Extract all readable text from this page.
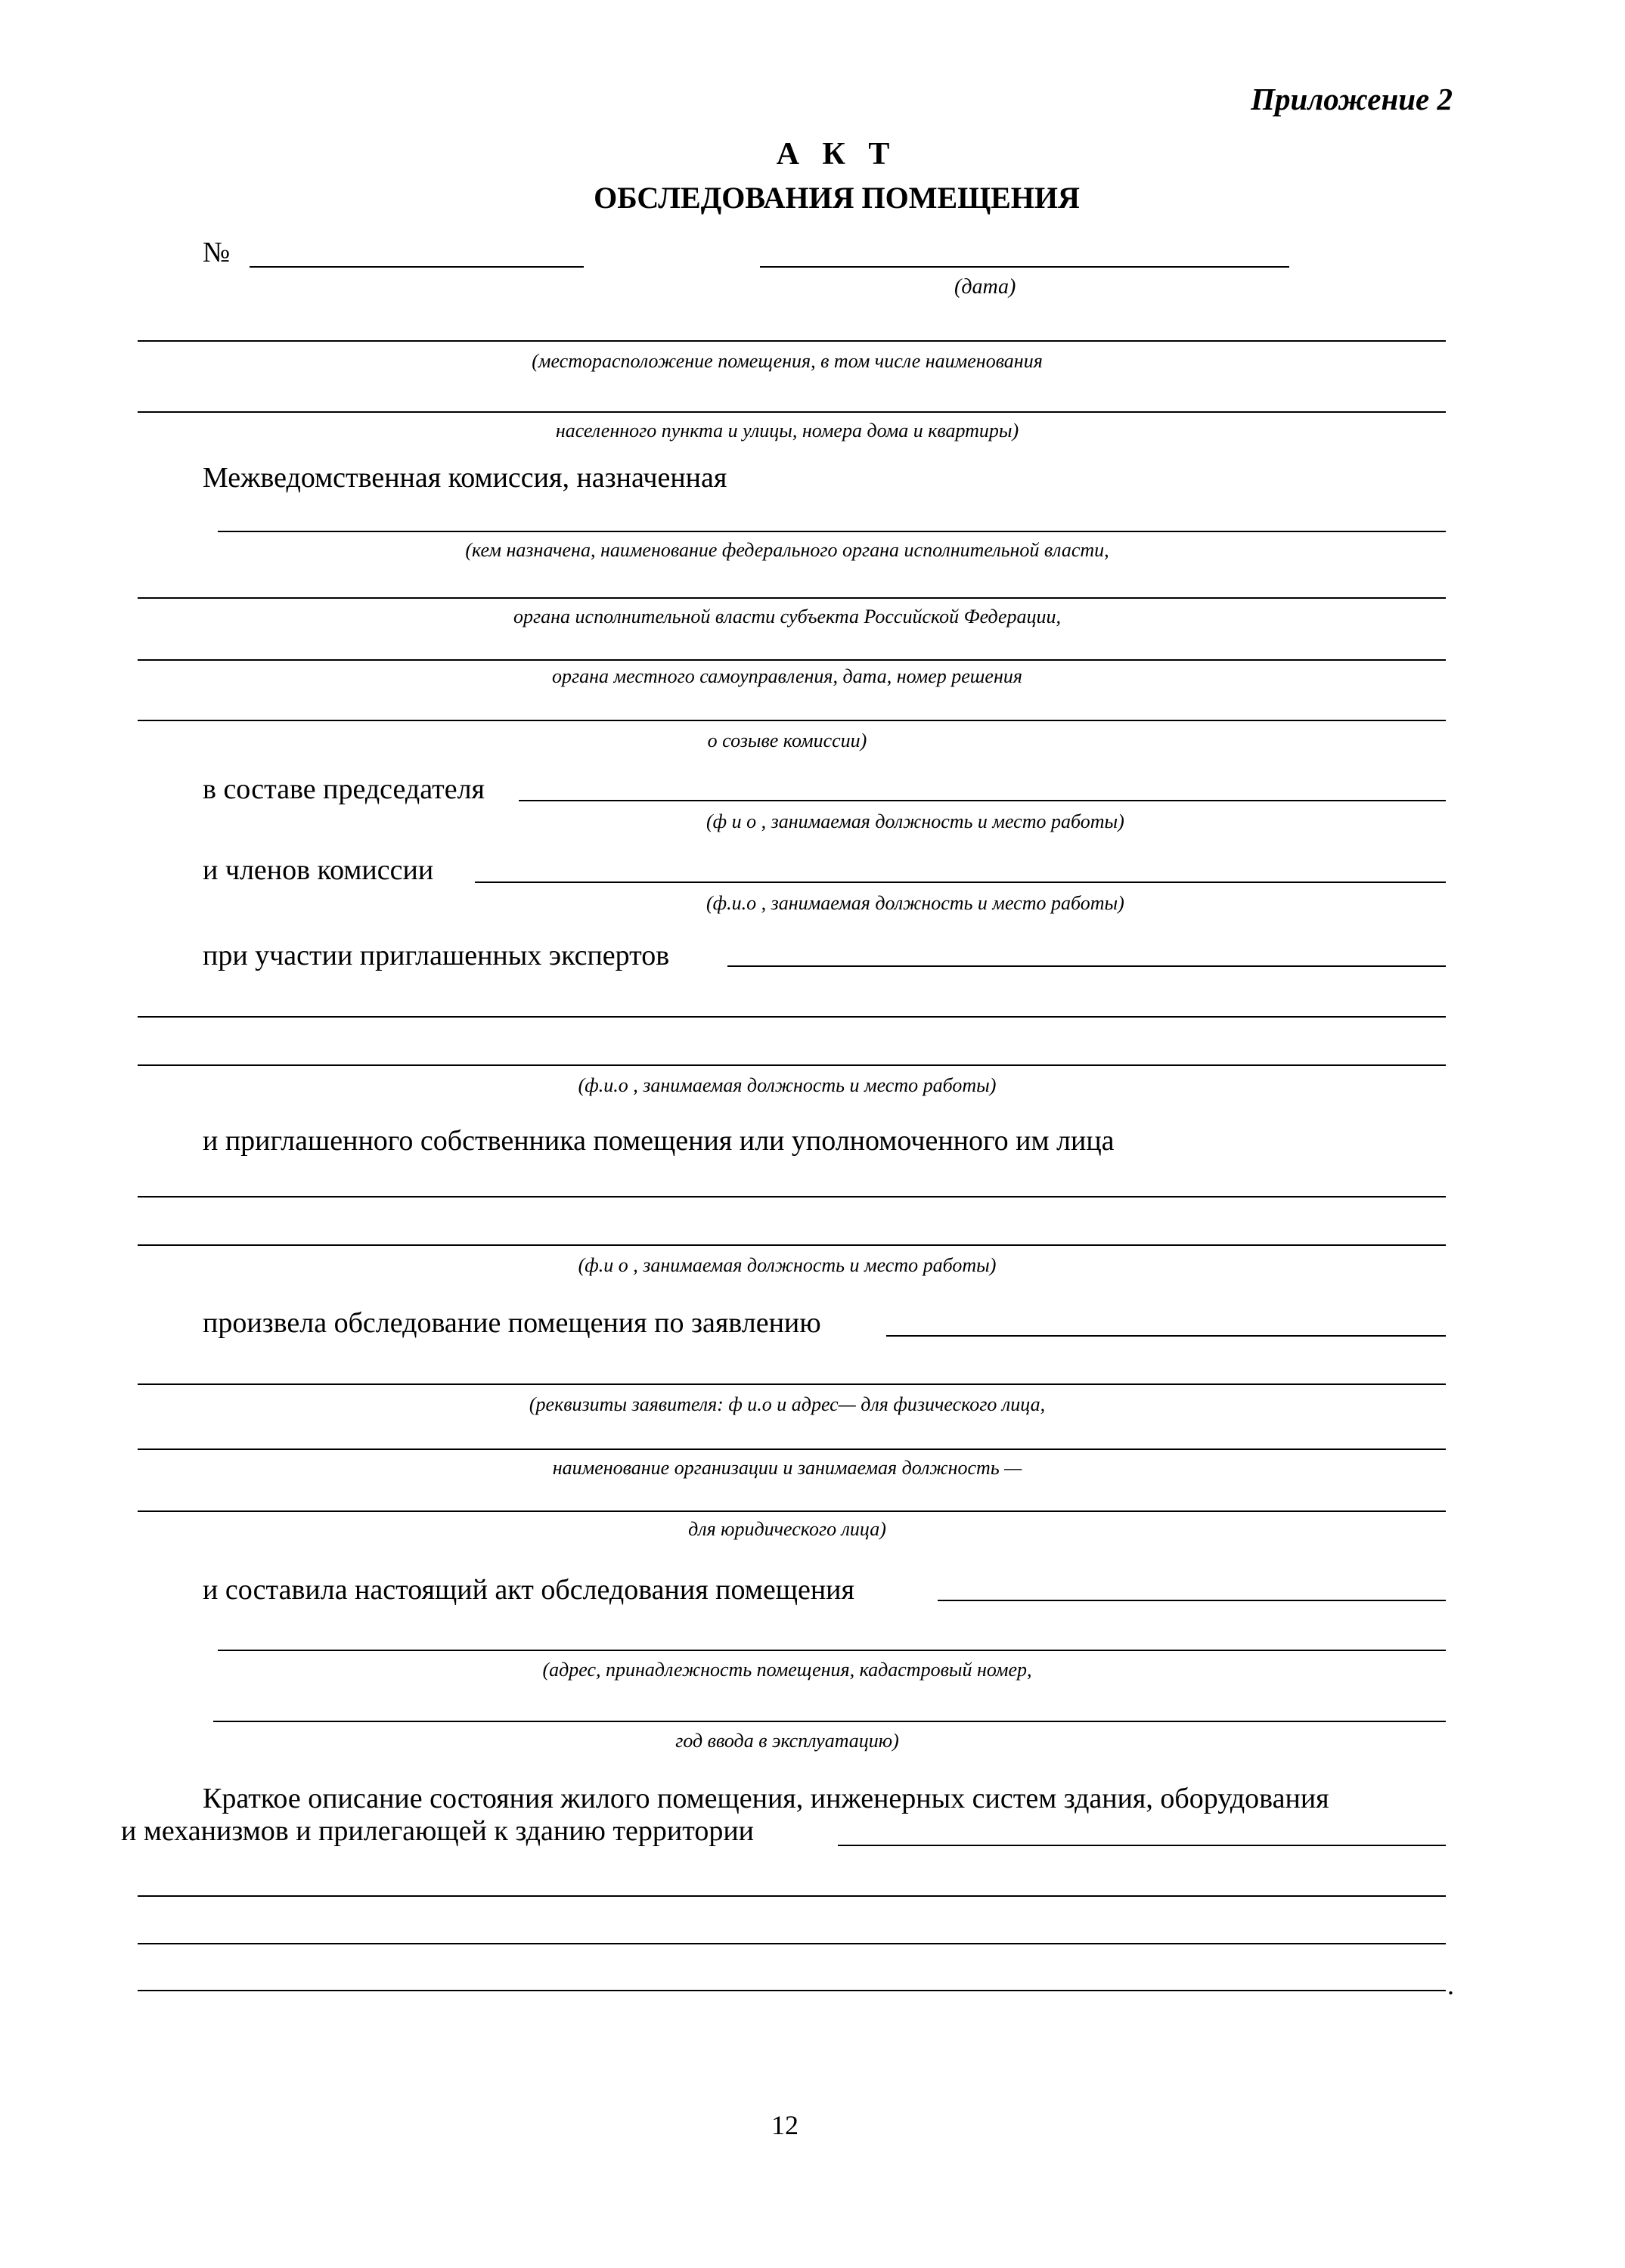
Приложение 2
А К Т
ОБСЛЕДОВАНИЯ ПОМЕЩЕНИЯ
№
(дата)
(месторасположение помещения, в том числе наименования
населенного пункта и улицы, номера дома и квартиры)
Межведомственная комиссия, назначенная
(кем назначена, наименование федерального органа исполнительной власти,
органа исполнительной власти субъекта Российской Федерации,
органа местного самоуправления, дата, номер решения
о созыве комиссии)
в составе председателя
(ф и о , занимаемая должность и место работы)
и членов комиссии
(ф.и.о , занимаемая должность и место работы)
при участии приглашенных экспертов
(ф.и.о , занимаемая должность и место работы)
и приглашенного собственника помещения или уполномоченного им лица
(ф.и о , занимаемая должность и место работы)
произвела обследование помещения по заявлению
(реквизиты заявителя: ф и.о и адрес— для физического лица,
наименование организации и занимаемая должность —
для юридического лица)
и составила настоящий акт обследования помещения
(адрес, принадлежность помещения, кадастровый номер,
год ввода в эксплуатацию)
Краткое описание состояния жилого помещения, инженерных систем здания, оборудования
и механизмов и прилегающей к зданию территории
.
12
